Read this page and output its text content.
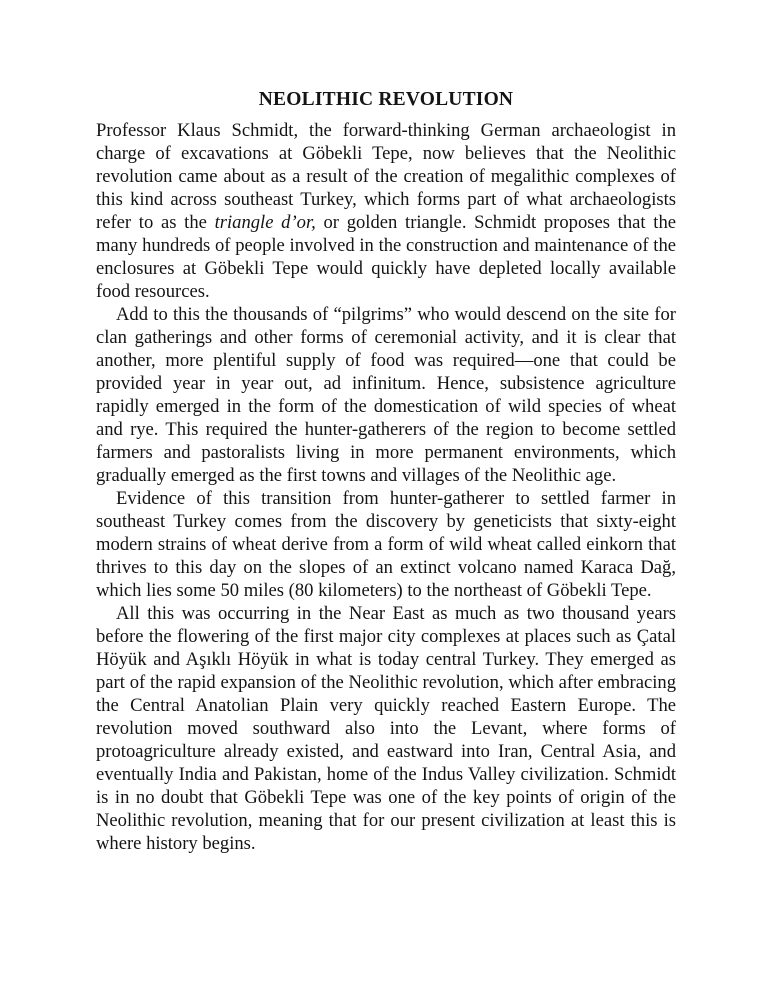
NEOLITHIC REVOLUTION

Professor Klaus Schmidt, the forward-thinking German archaeologist in charge of excavations at Göbekli Tepe, now believes that the Neolithic revolution came about as a result of the creation of megalithic complexes of this kind across southeast Turkey, which forms part of what archaeologists refer to as the triangle d’or, or golden triangle. Schmidt proposes that the many hundreds of people involved in the construction and maintenance of the enclosures at Göbekli Tepe would quickly have depleted locally available food resources.

Add to this the thousands of “pilgrims” who would descend on the site for clan gatherings and other forms of ceremonial activity, and it is clear that another, more plentiful supply of food was required—one that could be provided year in year out, ad infinitum. Hence, subsistence agriculture rapidly emerged in the form of the domestication of wild species of wheat and rye. This required the hunter-gatherers of the region to become settled farmers and pastoralists living in more permanent environments, which gradually emerged as the first towns and villages of the Neolithic age.

Evidence of this transition from hunter-gatherer to settled farmer in southeast Turkey comes from the discovery by geneticists that sixty-eight modern strains of wheat derive from a form of wild wheat called einkorn that thrives to this day on the slopes of an extinct volcano named Karaca Dağ, which lies some 50 miles (80 kilometers) to the northeast of Göbekli Tepe.

All this was occurring in the Near East as much as two thousand years before the flowering of the first major city complexes at places such as Çatal Höyük and Aşıklı Höyük in what is today central Turkey. They emerged as part of the rapid expansion of the Neolithic revolution, which after embracing the Central Anatolian Plain very quickly reached Eastern Europe. The revolution moved southward also into the Levant, where forms of protoagriculture already existed, and eastward into Iran, Central Asia, and eventually India and Pakistan, home of the Indus Valley civilization. Schmidt is in no doubt that Göbekli Tepe was one of the key points of origin of the Neolithic revolution, meaning that for our present civilization at least this is where history begins.
